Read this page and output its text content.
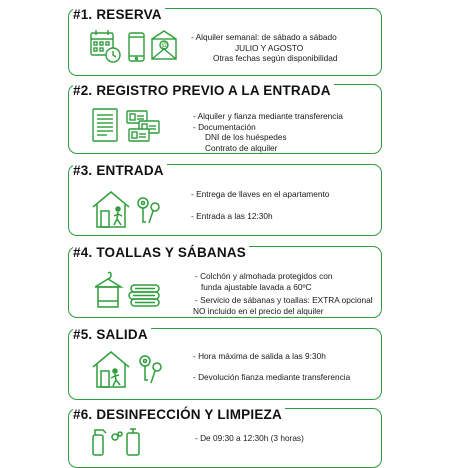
#1. RESERVA
@
- Alquiler semanal: de sábado a sábado
JULIO Y AGOSTO
Otras fechas según disponibilidad
#2. REGISTRO PREVIO A LA ENTRADA
- Alquiler y fianza mediante transferencia
- Documentación
DNI de los huéspedes
Contrato de alquiler
#3. ENTRADA
- Entrega de llaves en el apartamento
- Entrada a las 12:30h
#4. TOALLAS Y SÁBANAS
- Colchón y almohada protegidos con
funda ajustable lavada a 60ºC
- Servicio de sábanas y toallas: EXTRA opcional
NO incluido en el precio del alquiler
#5. SALIDA
- Hora máxima de salida a las 9:30h
- Devolución fianza mediante transferencia
#6. DESINFECCIÓN Y LIMPIEZA
- De 09:30 a 12:30h (3 horas)
